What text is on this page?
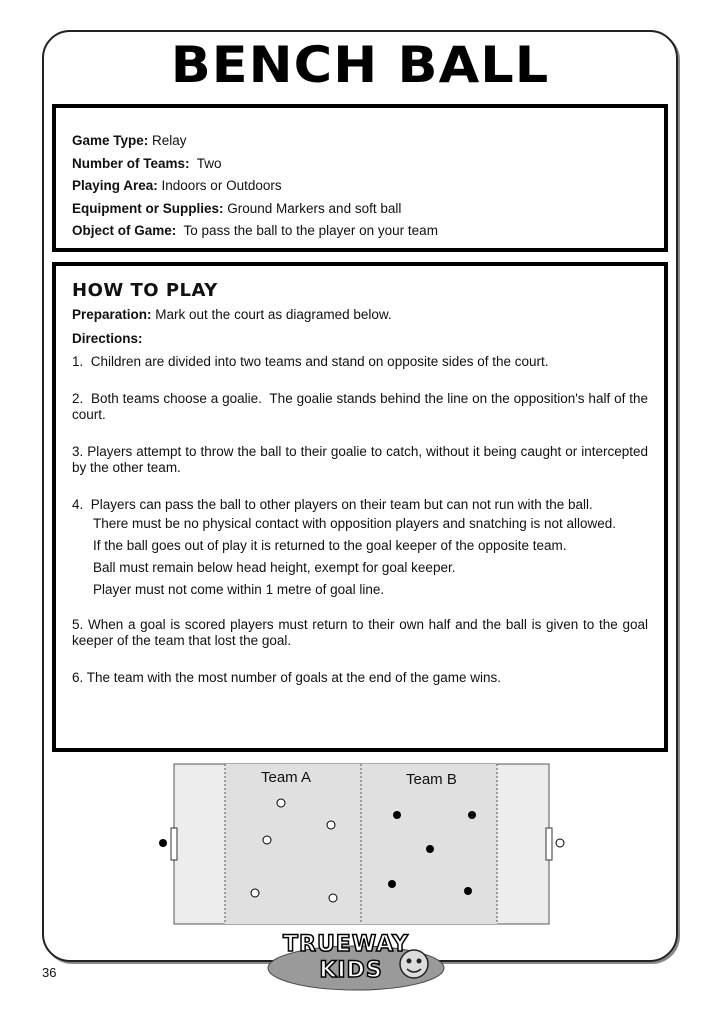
BENCH BALL
Game Type: Relay
Number of Teams:  Two
Playing Area: Indoors or Outdoors
Equipment or Supplies: Ground Markers and soft ball
Object of Game:  To pass the ball to the player on your team
HOW TO PLAY

Preparation: Mark out the court as diagramed below.

Directions:

1.  Children are divided into two teams and stand on opposite sides of the court.

2.  Both teams choose a goalie.  The goalie stands behind the line on the opposition's half of the court.

3. Players attempt to throw the ball to their goalie to catch, without it being caught or intercepted by the other team.

4.  Players can pass the ball to other players on their team but can not run with the ball.

There must be no physical contact with opposition players and snatching is not allowed.
If the ball goes out of play it is returned to the goal keeper of the opposite team.
Ball must remain below head height, exempt for goal keeper.
Player must not come within 1 metre of goal line.

5. When a goal is scored players must return to their own half and the ball is given to the goal keeper of the team that lost the goal.

6. The team with the most number of goals at the end of the game wins.

Team A	Team B
TRUEWAY
KIDS
36
